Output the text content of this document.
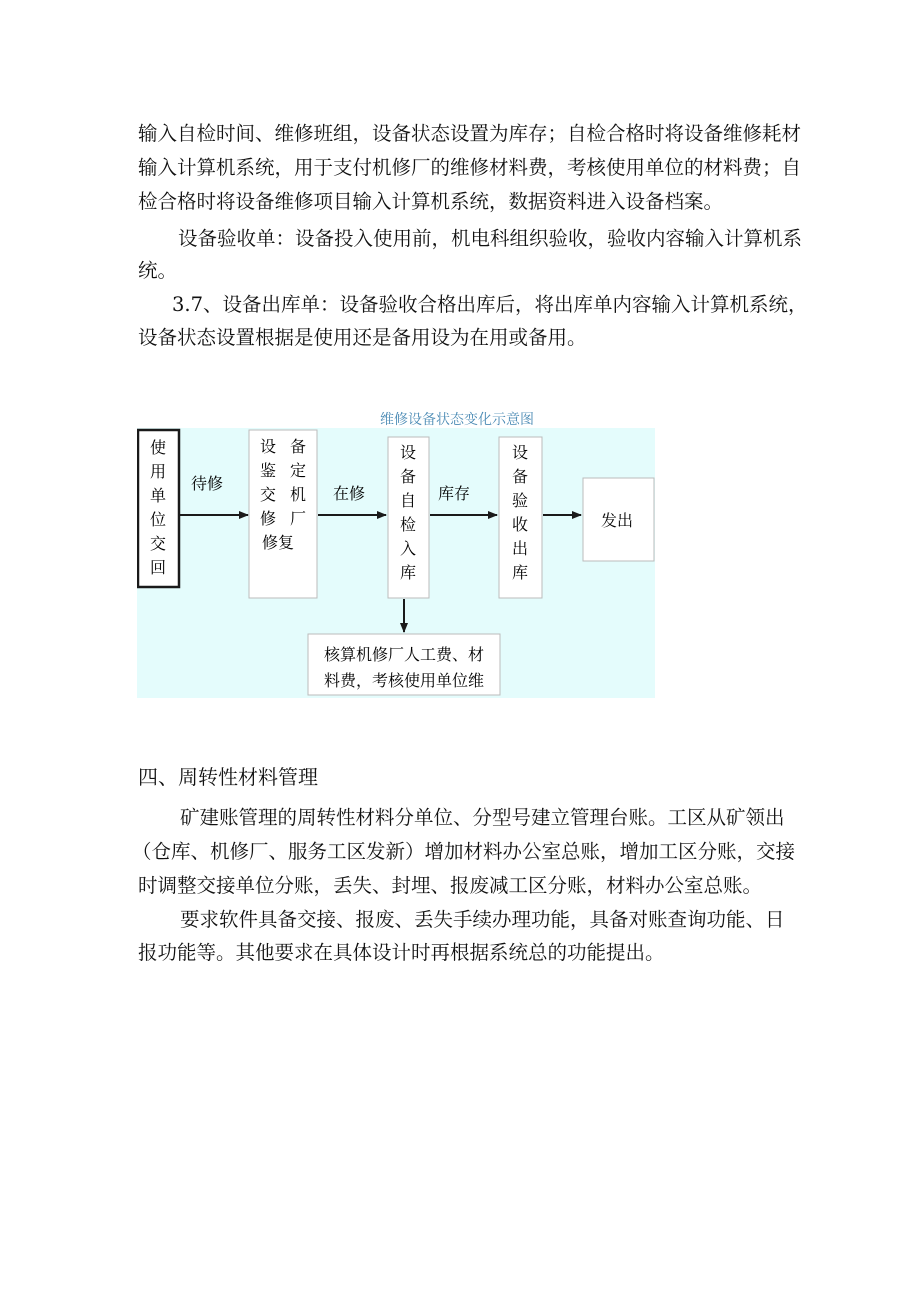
输入自检时间、维修班组，设备状态设置为库存；自检合格时将设备维修耗材
输入计算机系统，用于支付机修厂的维修材料费，考核使用单位的材料费；自
检合格时将设备维修项目输入计算机系统，数据资料进入设备档案。
设备验收单：设备投入使用前，机电科组织验收，验收内容输入计算机系
统。
3.7、设备出库单：设备验收合格出库后，将出库单内容输入计算机系统，
设备状态设置根据是使用还是备用设为在用或备用。
维修设备状态变化示意图
使
用
单
位
交
回
待修
设
鉴
交
修
备
定
机
厂
修复
在修
设
备
自
检
入
库
库存
设
备
验
收
出
库
发出
核算机修厂人工费、材
料费，考核使用单位维
四、周转性材料管理
矿建账管理的周转性材料分单位、分型号建立管理台账。工区从矿领出
（仓库、机修厂、服务工区发新）增加材料办公室总账，增加工区分账，交接
时调整交接单位分账，丢失、封埋、报废减工区分账，材料办公室总账。
要求软件具备交接、报废、丢失手续办理功能，具备对账查询功能、日
报功能等。其他要求在具体设计时再根据系统总的功能提出。
